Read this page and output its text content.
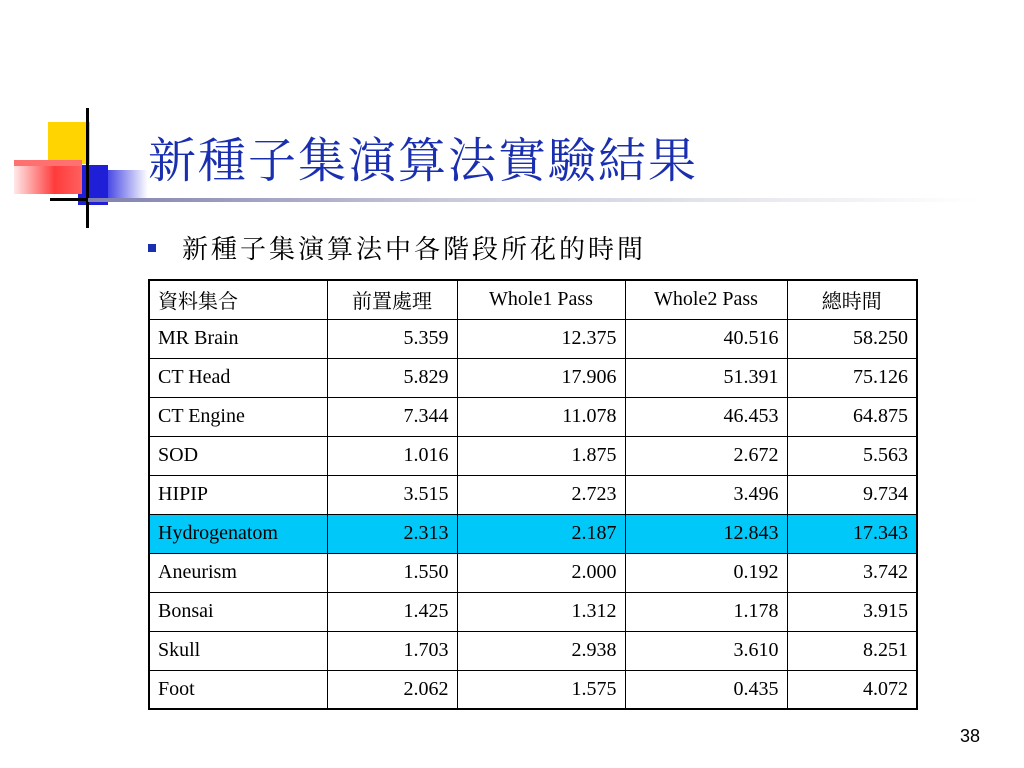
新種子集演算法實驗結果
新種子集演算法中各階段所花的時間
資料集合	前置處理	Whole1 Pass	Whole2 Pass	總時間
MR Brain	5.359	12.375	40.516	58.250
CT Head	5.829	17.906	51.391	75.126
CT Engine	7.344	11.078	46.453	64.875
SOD	1.016	1.875	2.672	5.563
HIPIP	3.515	2.723	3.496	9.734
Hydrogenatom	2.313	2.187	12.843	17.343
Aneurism	1.550	2.000	0.192	3.742
Bonsai	1.425	1.312	1.178	3.915
Skull	1.703	2.938	3.610	8.251
Foot	2.062	1.575	0.435	4.072
38
